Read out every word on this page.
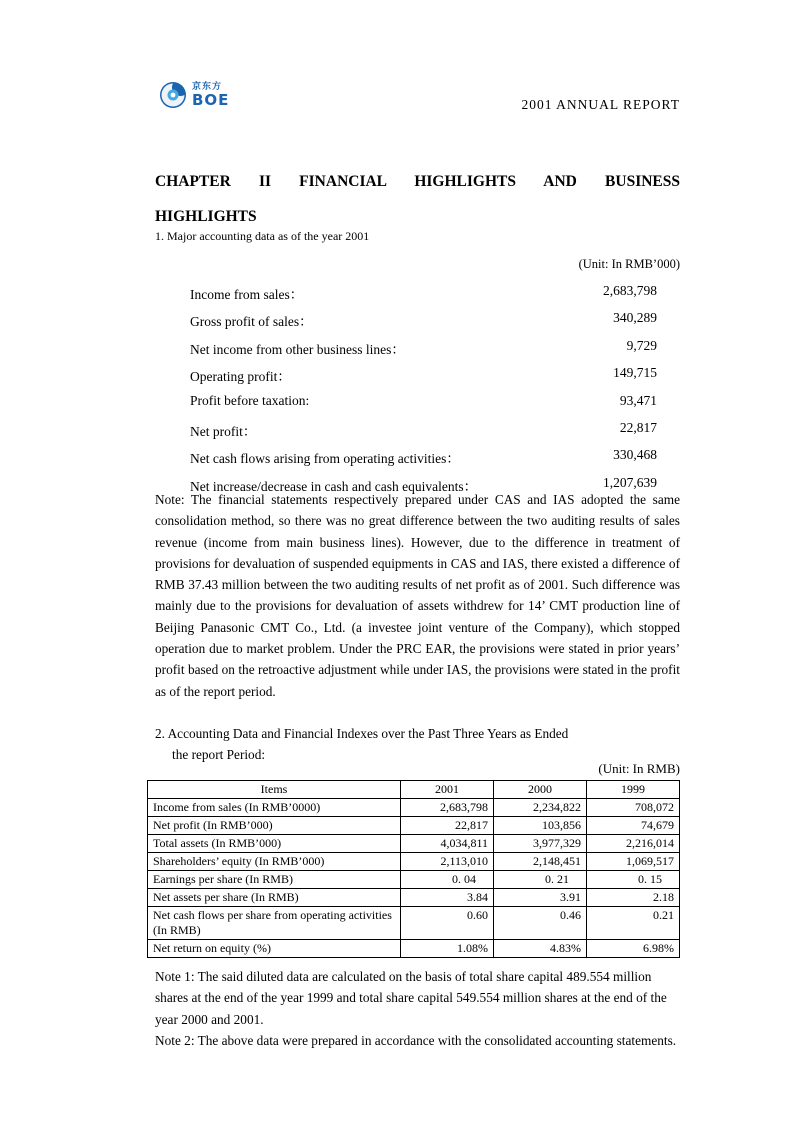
京东方
BOE	2001 ANNUAL REPORT
CHAPTER II FINANCIAL HIGHLIGHTS AND BUSINESS
HIGHLIGHTS
1. Major accounting data as of the year 2001
(Unit: In RMB’000)
Income from sales：	2,683,798
Gross profit of sales：	340,289
Net income from other business lines：	9,729
Operating profit：	149,715
Profit before taxation:	93,471
Net profit：	22,817
Net cash flows arising from operating activities：	330,468
Net increase/decrease in cash and cash equivalents：	1,207,639
Note: The financial statements respectively prepared under CAS and IAS adopted the same consolidation method, so there was no great difference between the two auditing results of sales revenue (income from main business lines). However, due to the difference in treatment of provisions for devaluation of suspended equipments in CAS and IAS, there existed a difference of RMB 37.43 million between the two auditing results of net profit as of 2001. Such difference was mainly due to the provisions for devaluation of assets withdrew for 14’ CMT production line of Beijing Panasonic CMT Co., Ltd. (a investee joint venture of the Company), which stopped operation due to market problem. Under the PRC EAR, the provisions were stated in prior years’ profit based on the retroactive adjustment while under IAS, the provisions were stated in the profit as of the report period.
2. Accounting Data and Financial Indexes over the Past Three Years as Ended
the report Period:
(Unit: In RMB)
Items	2001	2000	1999
Income from sales (In RMB’0000)	2,683,798	2,234,822	708,072
Net profit (In RMB’000)	22,817	103,856	74,679
Total assets (In RMB’000)	4,034,811	3,977,329	2,216,014
Shareholders’ equity (In RMB’000)	2,113,010	2,148,451	1,069,517
Earnings per share (In RMB)	0. 04	0. 21	0. 15
Net assets per share (In RMB)	3.84	3.91	2.18
Net cash flows per share from operating activities (In RMB)	0.60	0.46	0.21
Net return on equity (%)	1.08%	4.83%	6.98%
Note 1: The said diluted data are calculated on the basis of total share capital 489.554 million shares at the end of the year 1999 and total share capital 549.554 million shares at the end of the year 2000 and 2001.
Note 2: The above data were prepared in accordance with the consolidated accounting statements.
